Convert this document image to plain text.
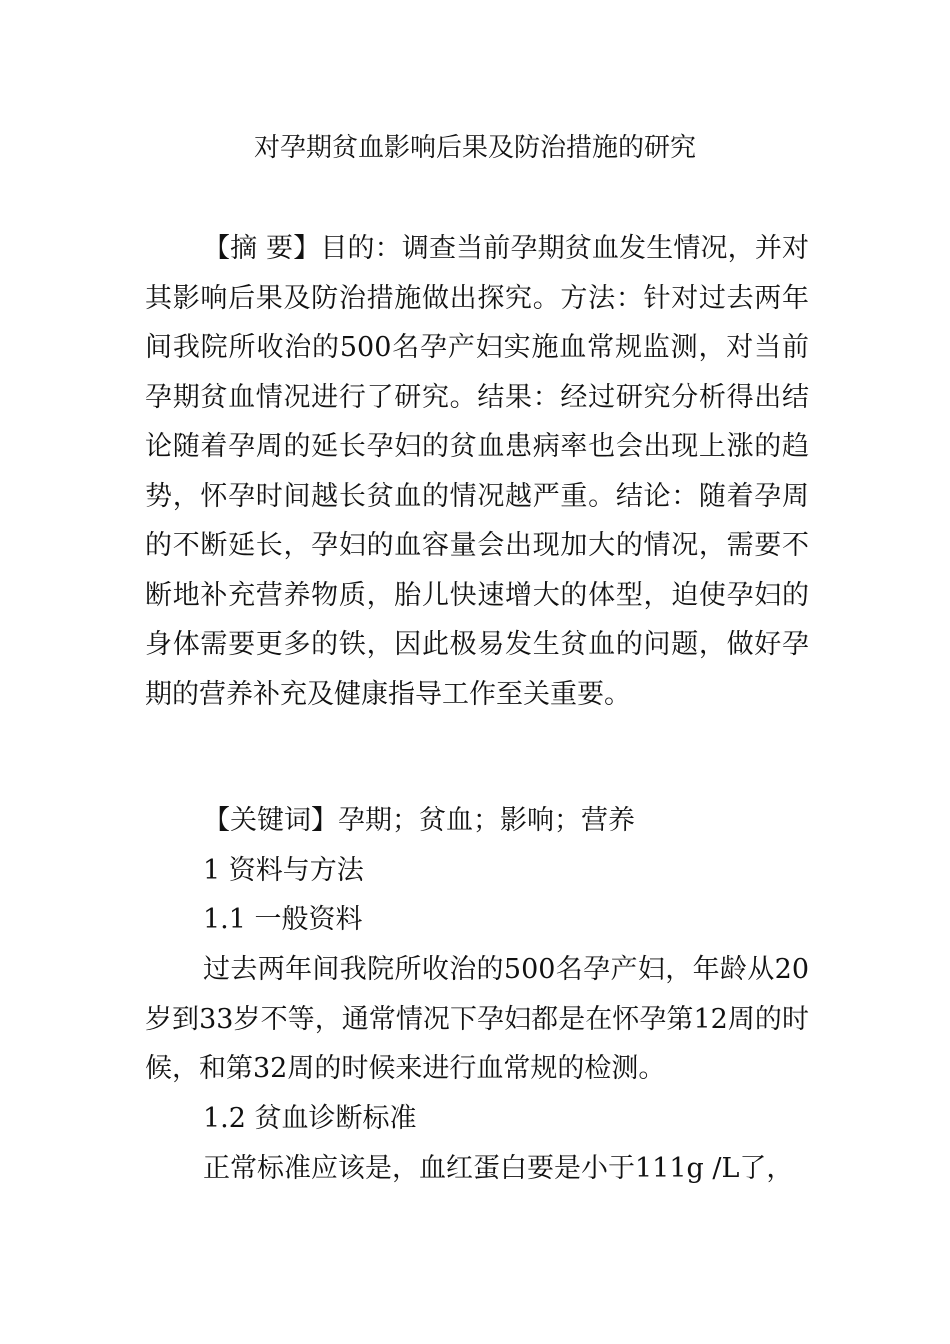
对孕期贫血影响后果及防治措施的研究

【摘 要】目的：调查当前孕期贫血发生情况，并对其影响后果及防治措施做出探究。方法：针对过去两年间我院所收治的500名孕产妇实施血常规监测，对当前孕期贫血情况进行了研究。结果：经过研究分析得出结论随着孕周的延长孕妇的贫血患病率也会出现上涨的趋势，怀孕时间越长贫血的情况越严重。结论：随着孕周的不断延长，孕妇的血容量会出现加大的情况，需要不断地补充营养物质，胎儿快速增大的体型，迫使孕妇的身体需要更多的铁，因此极易发生贫血的问题，做好孕期的营养补充及健康指导工作至关重要。

【关键词】孕期；贫血；影响；营养

1 资料与方法

1.1 一般资料

过去两年间我院所收治的500名孕产妇，年龄从20岁到33岁不等，通常情况下孕妇都是在怀孕第12周的时候，和第32周的时候来进行血常规的检测。

1.2 贫血诊断标准

正常标准应该是，血红蛋白要是小于111g /L了，
